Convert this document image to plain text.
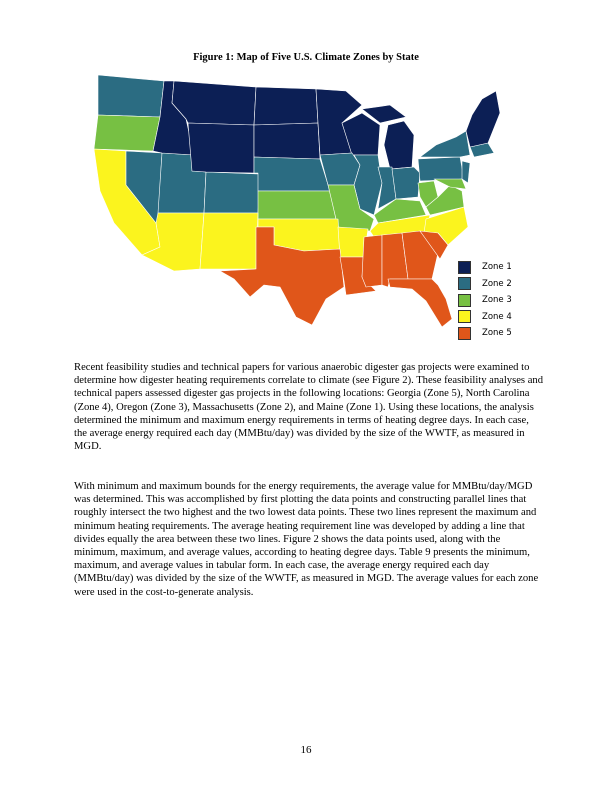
Figure 1: Map of Five U.S. Climate Zones by State
Zone 1
Zone 2
Zone 3
Zone 4
Zone 5

Recent feasibility studies and technical papers for various anaerobic digester gas projects were examined to determine how digester heating requirements correlate to climate (see Figure 2). These feasibility analyses and technical papers assessed digester gas projects in the following locations: Georgia (Zone 5), North Carolina (Zone 4), Oregon (Zone 3), Massachusetts (Zone 2), and Maine (Zone 1). Using these locations, the analysis determined the minimum and maximum energy requirements in terms of heating degree days. In each case, the average energy required each day (MMBtu/day) was divided by the size of the WWTF, as measured in MGD.

With minimum and maximum bounds for the energy requirements, the average value for MMBtu/day/MGD was determined. This was accomplished by first plotting the data points and constructing parallel lines that roughly intersect the two highest and the two lowest data points. These two lines represent the maximum and minimum heating requirements. The average heating requirement line was developed by adding a line that divides equally the area between these two lines. Figure 2 shows the data points used, along with the minimum, maximum, and average values, according to heating degree days. Table 9 presents the minimum, maximum, and average values in tabular form. In each case, the average energy required each day (MMBtu/day) was divided by the size of the WWTF, as measured in MGD. The average values for each zone were used in the cost-to-generate analysis.

16
